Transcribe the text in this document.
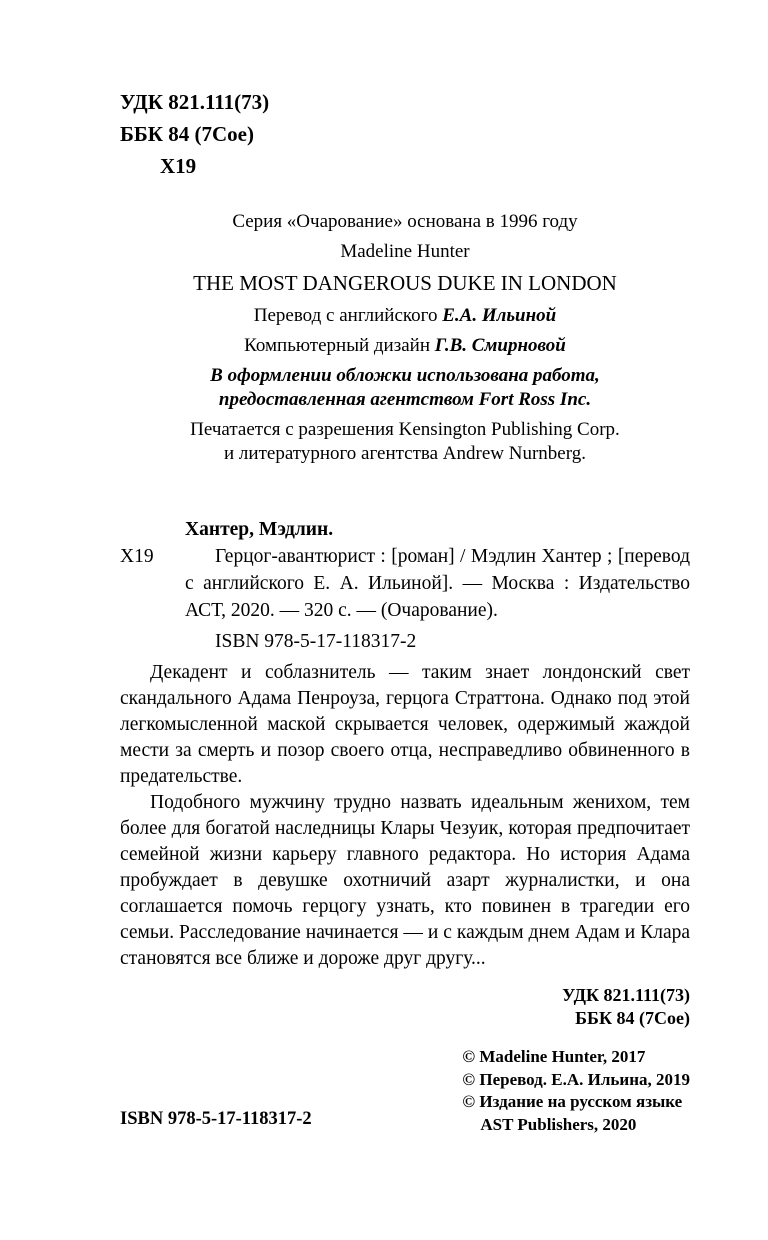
УДК 821.111(73)
ББК 84 (7Сое)
Х19
Серия «Очарование» основана в 1996 году
Madeline Hunter
THE MOST DANGEROUS DUKE IN LONDON
Перевод с английского Е.А. Ильиной
Компьютерный дизайн Г.В. Смирновой
В оформлении обложки использована работа,
предоставленная агентством Fort Ross Inc.
Печатается с разрешения Kensington Publishing Corp.
и литературного агентства Andrew Nurnberg.
Хантер, Мэдлин.
Х19	Герцог-авантюрист : [роман] / Мэдлин Хантер ; [перевод с английского Е. А. Ильиной]. — Москва : Издательство АСТ, 2020. — 320 с. — (Очарование).
ISBN 978-5-17-118317-2

Декадент и соблазнитель — таким знает лондонский свет скандального Адама Пенроуза, герцога Страттона. Однако под этой легкомысленной маской скрывается человек, одержимый жаждой мести за смерть и позор своего отца, несправедливо обвиненного в предательстве.

Подобного мужчину трудно назвать идеальным женихом, тем более для богатой наследницы Клары Чезуик, которая предпочитает семейной жизни карьеру главного редактора. Но история Адама пробуждает в девушке охотничий азарт журналистки, и она соглашается помочь герцогу узнать, кто повинен в трагедии его семьи. Расследование начинается — и с каждым днем Адам и Клара становятся все ближе и дороже друг другу...

УДК 821.111(73)
ББК 84 (7Сое)
ISBN 978-5-17-118317-2
© Madeline Hunter, 2017
© Перевод. Е.А. Ильина, 2019
© Издание на русском языке
AST Publishers, 2020
